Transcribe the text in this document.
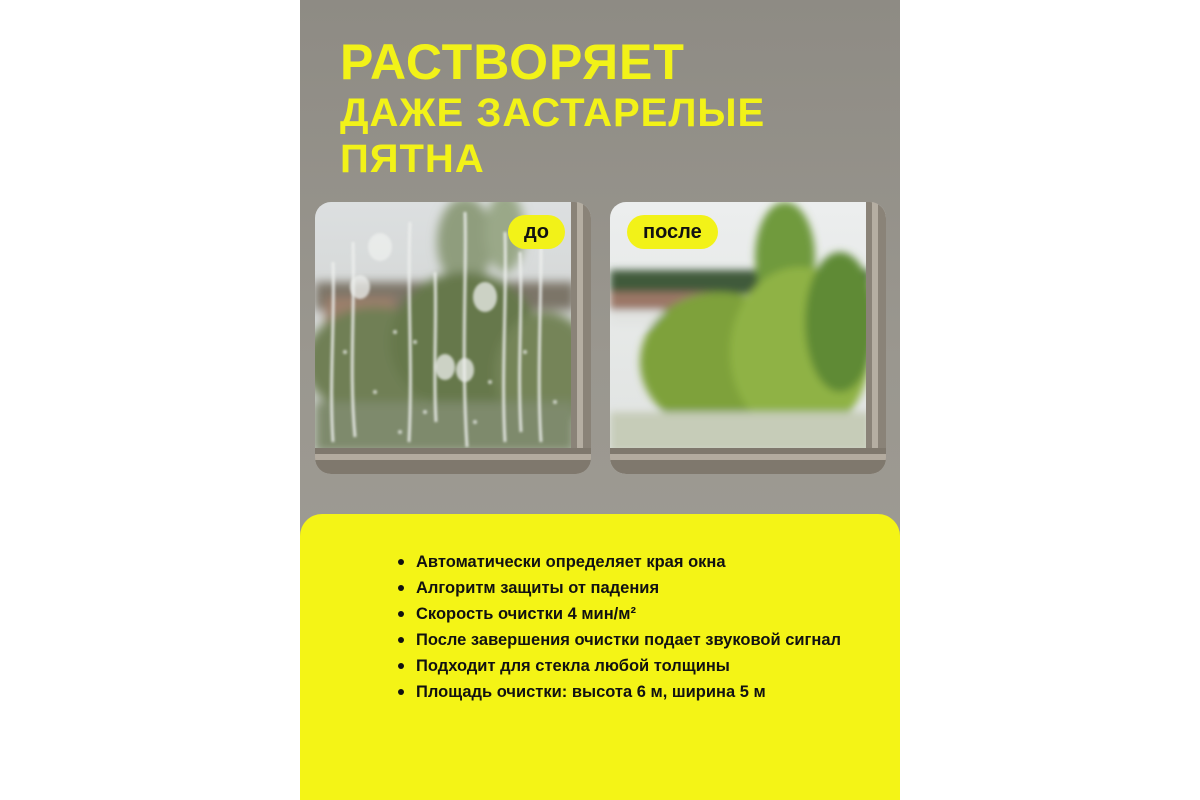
РАСТВОРЯЕТ
ДАЖЕ ЗАСТАРЕЛЫЕ
ПЯТНА
до	после
Автоматически определяет края окна
Алгоритм защиты от падения
Скорость очистки 4 мин/м²
После завершения очистки подает звуковой сигнал
Подходит для стекла любой толщины
Площадь очистки: высота 6 м, ширина 5 м
